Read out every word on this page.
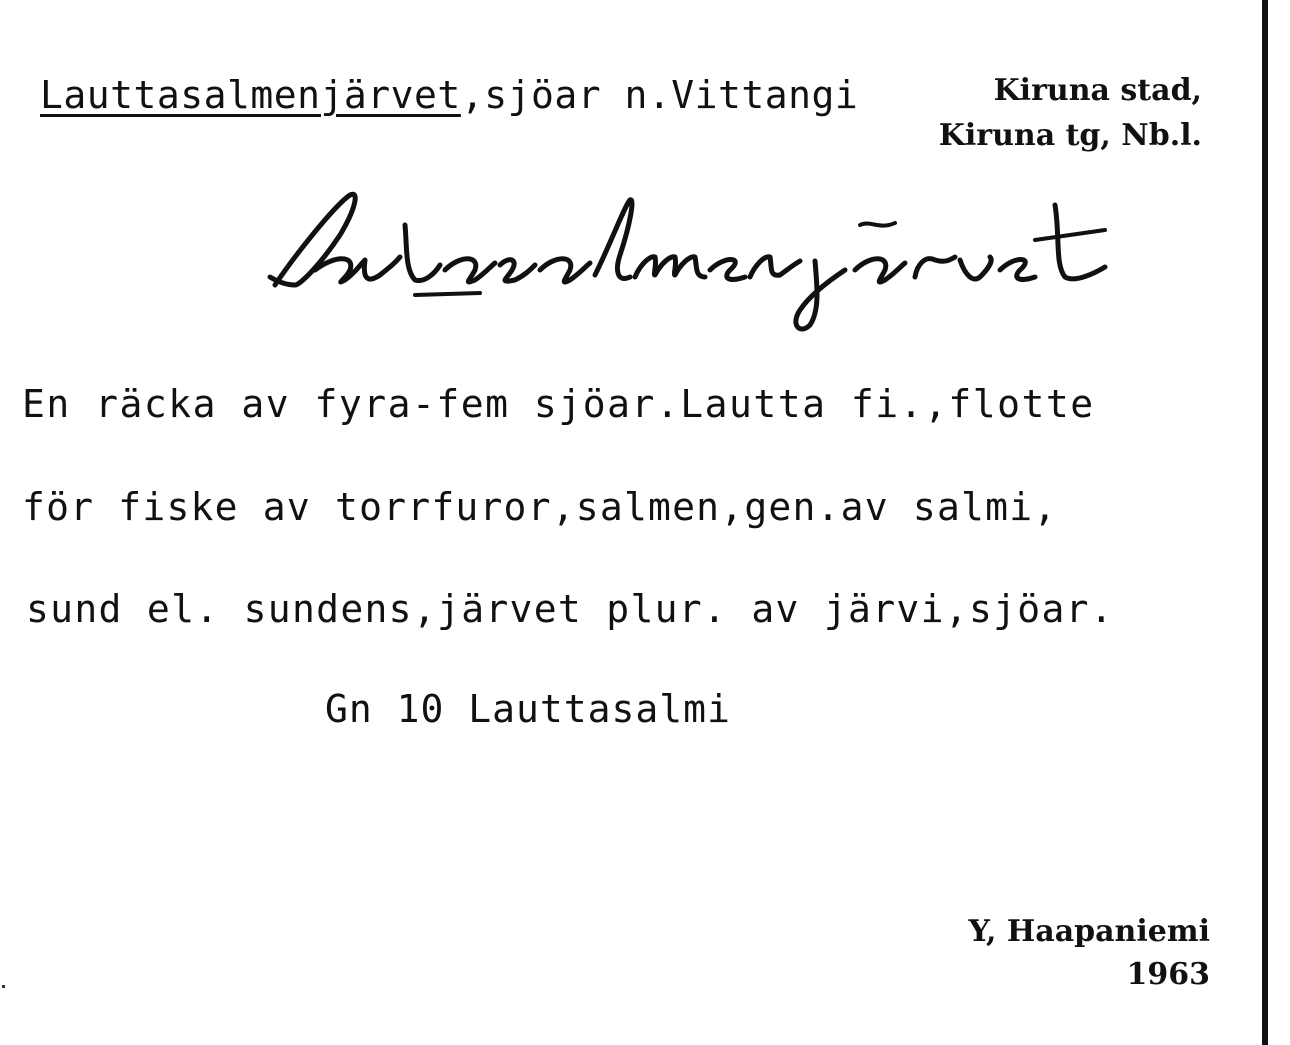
Lauttasalmenjärvet,sjöar n.Vittangi	Kiruna stad,
Kiruna tg, Nb.l.
En räcka av fyra-fem sjöar.Lautta fi.,flotte
för fiske av torrfuror,salmen,gen.av salmi,
sund el. sundens,järvet plur. av järvi,sjöar.
Gn 10 Lauttasalmi
Y, Haapaniemi
1963
